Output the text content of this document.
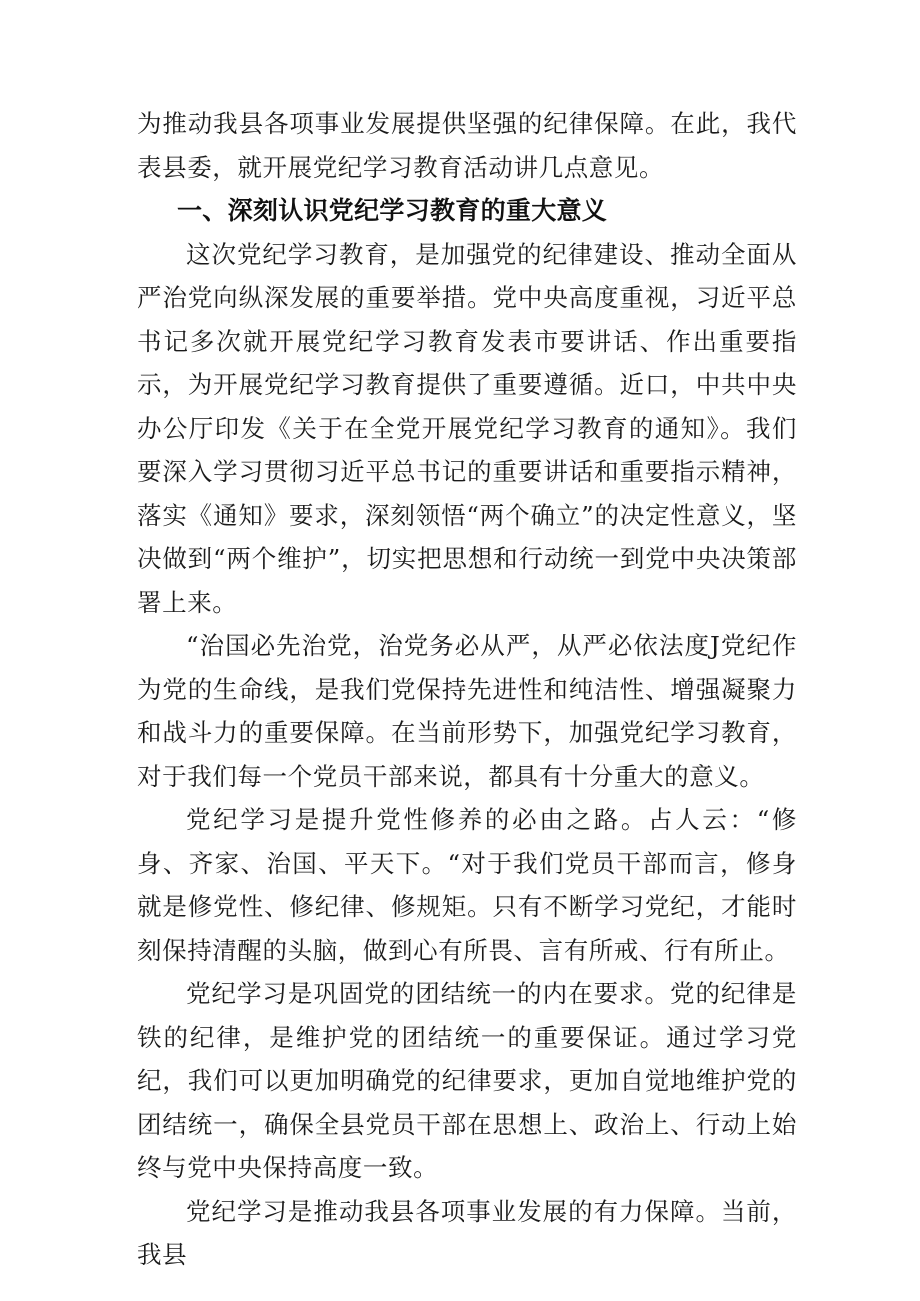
为推动我县各项事业发展提供坚强的纪律保障。在此，我代表县委，就开展党纪学习教育活动讲几点意见。

一、深刻认识党纪学习教育的重大意义

这次党纪学习教育，是加强党的纪律建设、推动全面从严治党向纵深发展的重要举措。党中央高度重视，习近平总书记多次就开展党纪学习教育发表市要讲话、作出重要指示，为开展党纪学习教育提供了重要遵循。近口，中共中央办公厅印发《关于在全党开展党纪学习教育的通知》。我们要深入学习贯彻习近平总书记的重要讲话和重要指示精神，落实《通知》要求，深刻领悟“两个确立”的决定性意义，坚决做到“两个维护”，切实把思想和行动统一到党中央决策部署上来。

“治国必先治党，治党务必从严，从严必依法度J党纪作为党的生命线，是我们党保持先进性和纯洁性、增强凝聚力和战斗力的重要保障。在当前形势下，加强党纪学习教育，对于我们每一个党员干部来说，都具有十分重大的意义。

党纪学习是提升党性修养的必由之路。占人云：“修身、齐家、治国、平天下。“对于我们党员干部而言，修身就是修党性、修纪律、修规矩。只有不断学习党纪，才能时刻保持清醒的头脑，做到心有所畏、言有所戒、行有所止。

党纪学习是巩固党的团结统一的内在要求。党的纪律是铁的纪律，是维护党的团结统一的重要保证。通过学习党纪，我们可以更加明确党的纪律要求，更加自觉地维护党的团结统一，确保全县党员干部在思想上、政治上、行动上始终与党中央保持高度一致。

党纪学习是推动我县各项事业发展的有力保障。当前，我县
